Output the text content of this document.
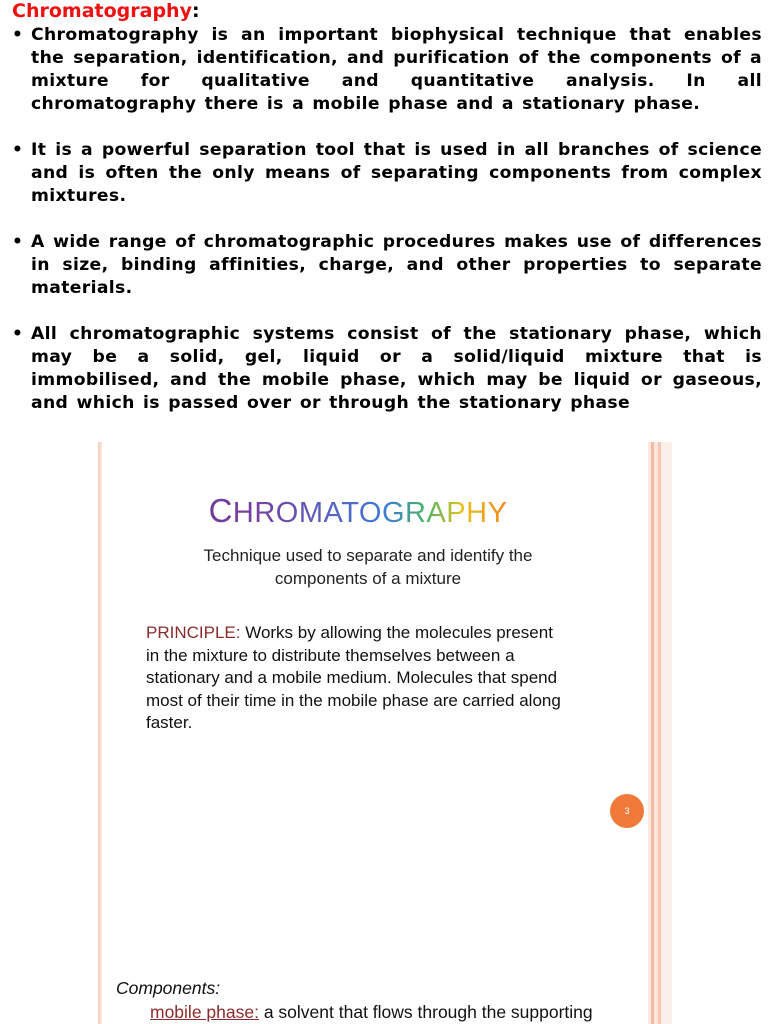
Chromatography:
• Chromatography is an important biophysical technique that enables the separation, identification, and purification of the components of a mixture for qualitative and quantitative analysis. In all chromatography there is a mobile phase and a stationary phase.
• It is a powerful separation tool that is used in all branches of science and is often the only means of separating components from complex mixtures.
• A wide range of chromatographic procedures makes use of differences in size, binding affinities, charge, and other properties to separate materials.
• All chromatographic systems consist of the stationary phase, which may be a solid, gel, liquid or a solid/liquid mixture that is immobilised, and the mobile phase, which may be liquid or gaseous, and which is passed over or through the stationary phase
CHROMATOGRAPHY
Technique used to separate and identify the components of a mixture
PRINCIPLE: Works by allowing the molecules present in the mixture to distribute themselves between a stationary and a mobile medium. Molecules that spend most of their time in the mobile phase are carried along faster.
3
Components:
mobile phase: a solvent that flows through the supporting
